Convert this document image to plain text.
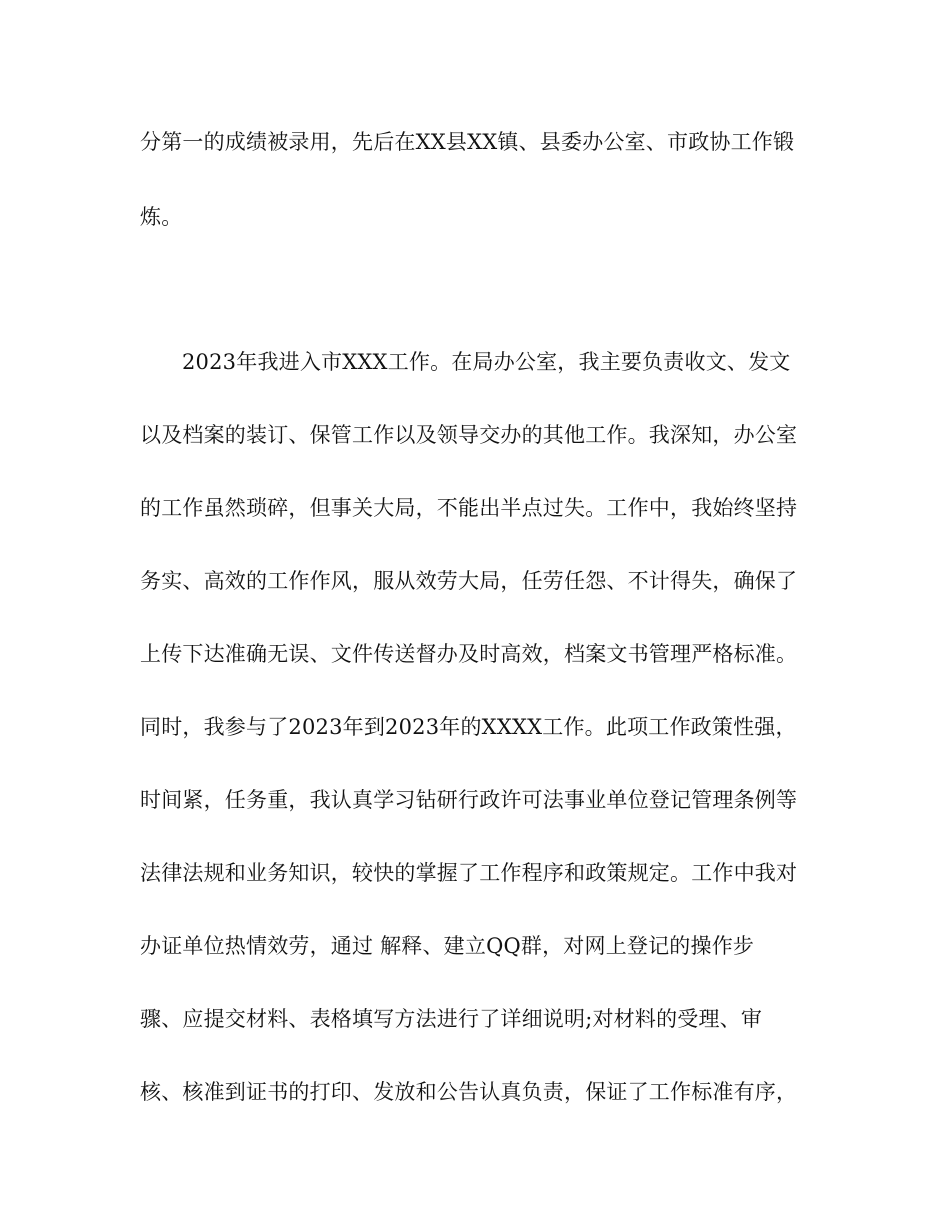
分第一的成绩被录用，先后在XX县XX镇、县委办公室、市政协工作锻
炼。
2023年我进入市XXX工作。在局办公室，我主要负责收文、发文
以及档案的装订、保管工作以及领导交办的其他工作。我深知，办公室
的工作虽然琐碎，但事关大局，不能出半点过失。工作中，我始终坚持
务实、高效的工作作风，服从效劳大局，任劳任怨、不计得失，确保了
上传下达准确无误、文件传送督办及时高效，档案文书管理严格标准。
同时，我参与了2023年到2023年的XXXX工作。此项工作政策性强，
时间紧，任务重，我认真学习钻研行政许可法事业单位登记管理条例等
法律法规和业务知识，较快的掌握了工作程序和政策规定。工作中我对
办证单位热情效劳，通过 解释、建立QQ群，对网上登记的操作步
骤、应提交材料、表格填写方法进行了详细说明;对材料的受理、审
核、核准到证书的打印、发放和公告认真负责，保证了工作标准有序，
